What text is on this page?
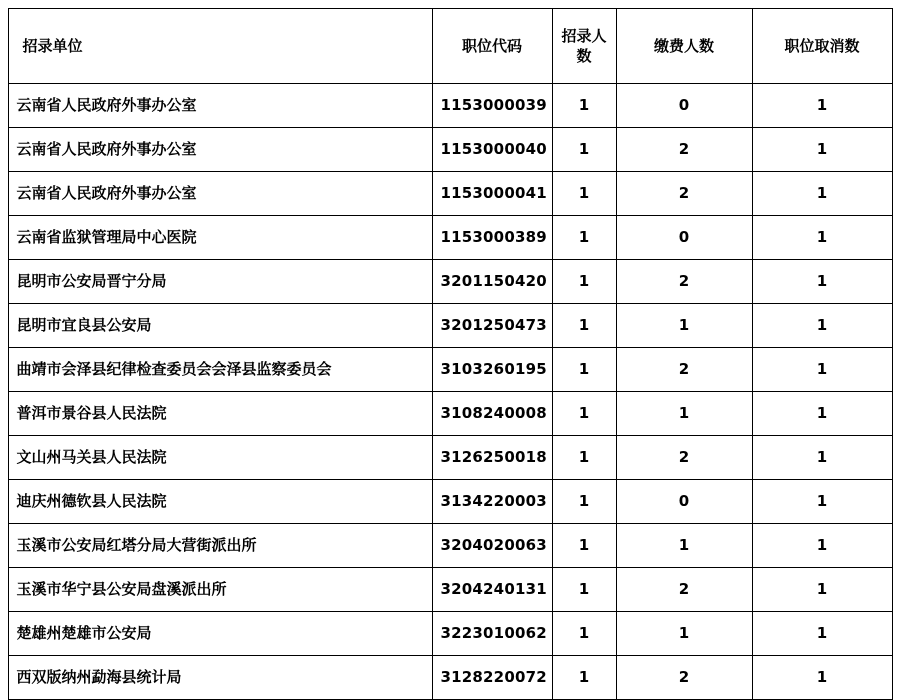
招录单位	职位代码	招录人数	缴费人数	职位取消数

云南省人民政府外事办公室	1153000039	1	0	1
云南省人民政府外事办公室	1153000040	1	2	1
云南省人民政府外事办公室	1153000041	1	2	1
云南省监狱管理局中心医院	1153000389	1	0	1
昆明市公安局晋宁分局	3201150420	1	2	1
昆明市宜良县公安局	3201250473	1	1	1
曲靖市会泽县纪律检查委员会会泽县监察委员会	3103260195	1	2	1
普洱市景谷县人民法院	3108240008	1	1	1
文山州马关县人民法院	3126250018	1	2	1
迪庆州德钦县人民法院	3134220003	1	0	1
玉溪市公安局红塔分局大营街派出所	3204020063	1	1	1
玉溪市华宁县公安局盘溪派出所	3204240131	1	2	1
楚雄州楚雄市公安局	3223010062	1	1	1
西双版纳州勐海县统计局	3128220072	1	2	1
